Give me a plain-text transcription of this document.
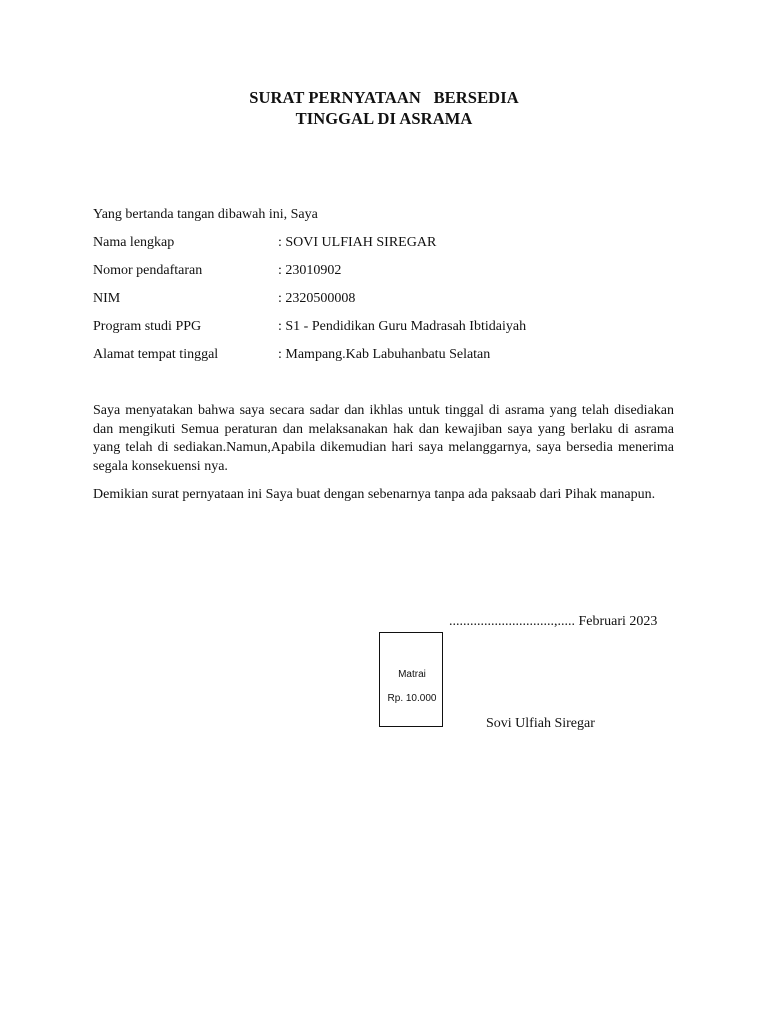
SURAT PERNYATAAN   BERSEDIA
TINGGAL DI ASRAMA
Yang bertanda tangan dibawah ini, Saya
Nama lengkap	: SOVI ULFIAH SIREGAR
Nomor pendaftaran	: 23010902
NIM	: 2320500008
Program studi PPG	: S1 - Pendidikan Guru Madrasah Ibtidaiyah
Alamat tempat tinggal	: Mampang.Kab Labuhanbatu Selatan
Saya menyatakan bahwa saya secara sadar dan ikhlas untuk tinggal di asrama yang telah disediakan dan mengikuti Semua peraturan dan melaksanakan hak dan kewajiban saya yang berlaku di asrama yang telah di sediakan.Namun,Apabila dikemudian hari saya melanggarnya, saya bersedia menerima segala konsekuensi nya.
Demikian surat pernyataan ini Saya buat dengan sebenarnya tanpa ada paksaab dari Pihak manapun.
..............................,..... Februari 2023
Matrai
Rp. 10.000
Sovi Ulfiah Siregar
